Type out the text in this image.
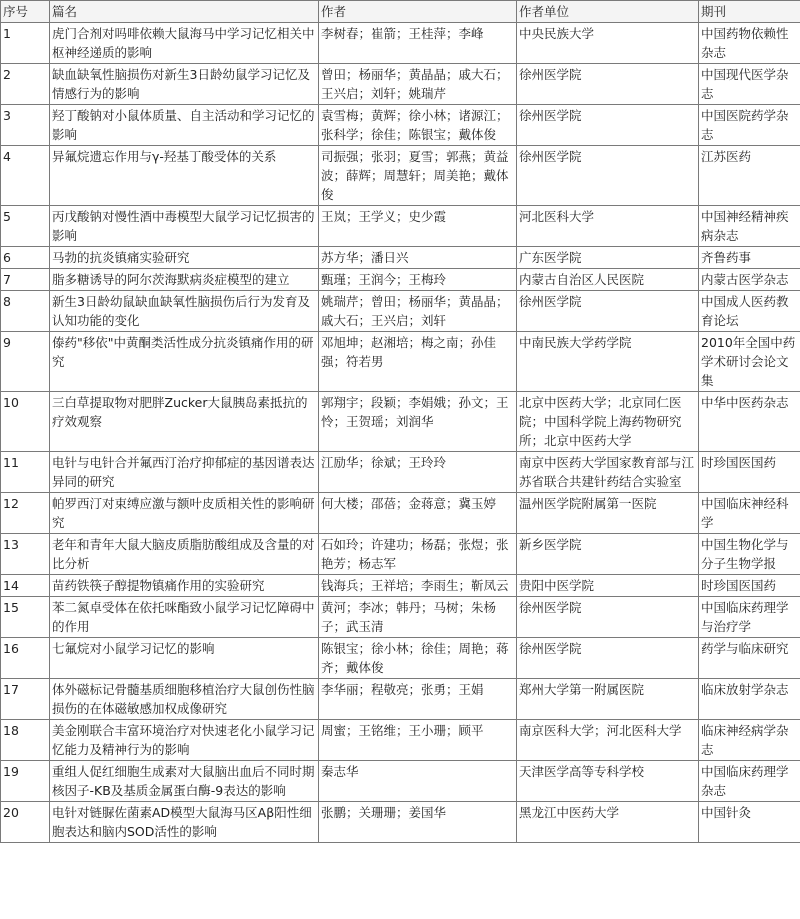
序号	篇名	作者	作者单位	期刊
1	虎门合剂对吗啡依赖大鼠海马中学习记忆相关中枢神经递质的影响	李树春；崔箭；王桂萍；李峰	中央民族大学	中国药物依赖性杂志
2	缺血缺氧性脑损伤对新生3日龄幼鼠学习记忆及情感行为的影响	曾田；杨丽华；黄晶晶；戚大石；王兴启；刘轩；姚瑞芹	徐州医学院	中国现代医学杂志
3	羟丁酸钠对小鼠体质量、自主活动和学习记忆的影响	袁雪梅；黄辉；徐小林；诸源江；张科学；徐佳；陈银宝；戴体俊	徐州医学院	中国医院药学杂志
4	异氟烷遗忘作用与γ-羟基丁酸受体的关系	司振强；张羽；夏雪；郭燕；黄益波；薛辉；周慧轩；周美艳；戴体俊	徐州医学院	江苏医药
5	丙戊酸钠对慢性酒中毒模型大鼠学习记忆损害的影响	王岚；王学义；史少霞	河北医科大学	中国神经精神疾病杂志
6	马勃的抗炎镇痛实验研究	苏方华；潘日兴	广东医学院	齐鲁药事
7	脂多糖诱导的阿尔茨海默病炎症模型的建立	甄瑾；王润今；王梅玲	内蒙古自治区人民医院	内蒙古医学杂志
8	新生3日龄幼鼠缺血缺氧性脑损伤后行为发育及认知功能的变化	姚瑞芹；曾田；杨丽华；黄晶晶；戚大石；王兴启；刘轩	徐州医学院	中国成人医药教育论坛
9	傣药"移依"中黄酮类活性成分抗炎镇痛作用的研究	邓旭坤；赵湘培；梅之南；孙佳强；符若男	中南民族大学药学院	2010年全国中药学术研讨会论文集
10	三白草提取物对肥胖Zucker大鼠胰岛素抵抗的疗效观察	郭翔宇；段颖；李娟娥；孙文；王怜；王贺瑶；刘润华	北京中医药大学；北京同仁医院；中国科学院上海药物研究所；北京中医药大学	中华中医药杂志
11	电针与电针合并氟西汀治疗抑郁症的基因谱表达异同的研究	江励华；徐斌；王玲玲	南京中医药大学国家教育部与江苏省联合共建针药结合实验室	时珍国医国药
12	帕罗西汀对束缚应激与额叶皮质相关性的影响研究	何大楼；邵蓓；金蒋意；冀玉婷	温州医学院附属第一医院	中国临床神经科学
13	老年和青年大鼠大脑皮质脂肪酸组成及含量的对比分析	石如玲；许建功；杨磊；张煜；张艳芳；杨志军	新乡医学院	中国生物化学与分子生物学报
14	苗药铁筷子醇提物镇痛作用的实验研究	钱海兵；王祥培；李雨生；靳凤云	贵阳中医学院	时珍国医国药
15	苯二氮卓受体在依托咪酯致小鼠学习记忆障碍中的作用	黄河；李冰；韩丹；马树；朱杨子；武玉清	徐州医学院	中国临床药理学与治疗学
16	七氟烷对小鼠学习记忆的影响	陈银宝；徐小林；徐佳；周艳；蒋齐；戴体俊	徐州医学院	药学与临床研究
17	体外磁标记骨髓基质细胞移植治疗大鼠创伤性脑损伤的在体磁敏感加权成像研究	李华丽；程敬亮；张勇；王娟	郑州大学第一附属医院	临床放射学杂志
18	美金刚联合丰富环境治疗对快速老化小鼠学习记忆能力及精神行为的影响	周蜜；王铭维；王小珊；顾平	南京医科大学；河北医科大学	临床神经病学杂志
19	重组人促红细胞生成素对大鼠脑出血后不同时期核因子-KB及基质金属蛋白酶-9表达的影响	秦志华	天津医学高等专科学校	中国临床药理学杂志
20	电针对链脲佐菌素AD模型大鼠海马区Aβ阳性细胞表达和脑内SOD活性的影响	张鹏；关珊珊；姜国华	黑龙江中医药大学	中国针灸
